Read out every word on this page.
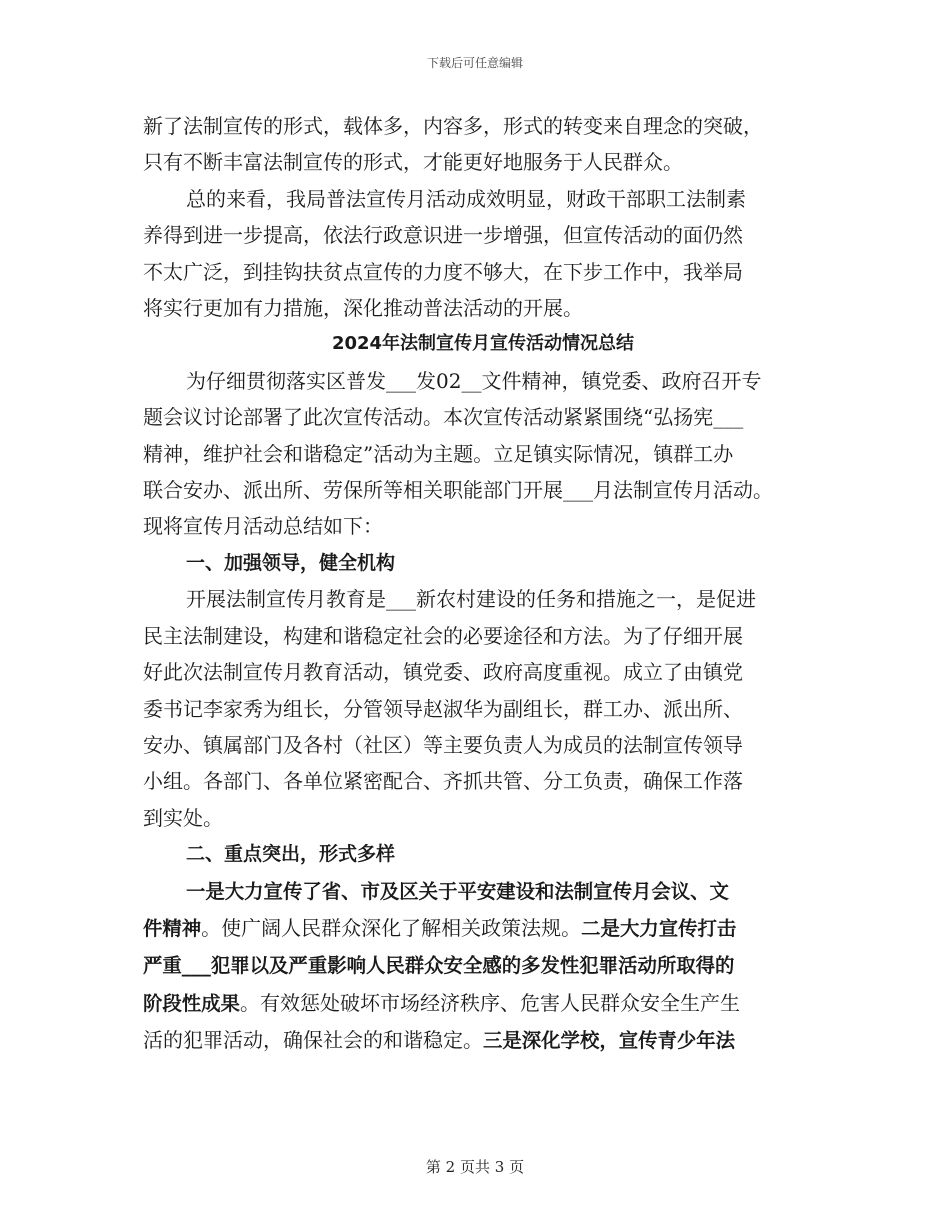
下载后可任意编辑
新了法制宣传的形式，载体多，内容多，形式的转变来自理念的突破，
只有不断丰富法制宣传的形式，才能更好地服务于人民群众。
总的来看，我局普法宣传月活动成效明显，财政干部职工法制素
养得到进一步提高，依法行政意识进一步增强，但宣传活动的面仍然
不太广泛，到挂钩扶贫点宣传的力度不够大，在下步工作中，我举局
将实行更加有力措施，深化推动普法活动的开展。
2024年法制宣传月宣传活动情况总结
为仔细贯彻落实区普发___发02__文件精神，镇党委、政府召开专
题会议讨论部署了此次宣传活动。本次宣传活动紧紧围绕“弘扬宪___
精神，维护社会和谐稳定”活动为主题。立足镇实际情况，镇群工办
联合安办、派出所、劳保所等相关职能部门开展___月法制宣传月活动。
现将宣传月活动总结如下：
一、加强领导，健全机构
开展法制宣传月教育是___新农村建设的任务和措施之一，是促进
民主法制建设，构建和谐稳定社会的必要途径和方法。为了仔细开展
好此次法制宣传月教育活动，镇党委、政府高度重视。成立了由镇党
委书记李家秀为组长，分管领导赵淑华为副组长，群工办、派出所、
安办、镇属部门及各村（社区）等主要负责人为成员的法制宣传领导
小组。各部门、各单位紧密配合、齐抓共管、分工负责，确保工作落
到实处。
二、重点突出，形式多样
一是大力宣传了省、市及区关于平安建设和法制宣传月会议、文
件精神。使广阔人民群众深化了解相关政策法规。二是大力宣传打击
严重___犯罪以及严重影响人民群众安全感的多发性犯罪活动所取得的
阶段性成果。有效惩处破坏市场经济秩序、危害人民群众安全生产生
活的犯罪活动，确保社会的和谐稳定。三是深化学校，宣传青少年法
第 2 页共 3 页
